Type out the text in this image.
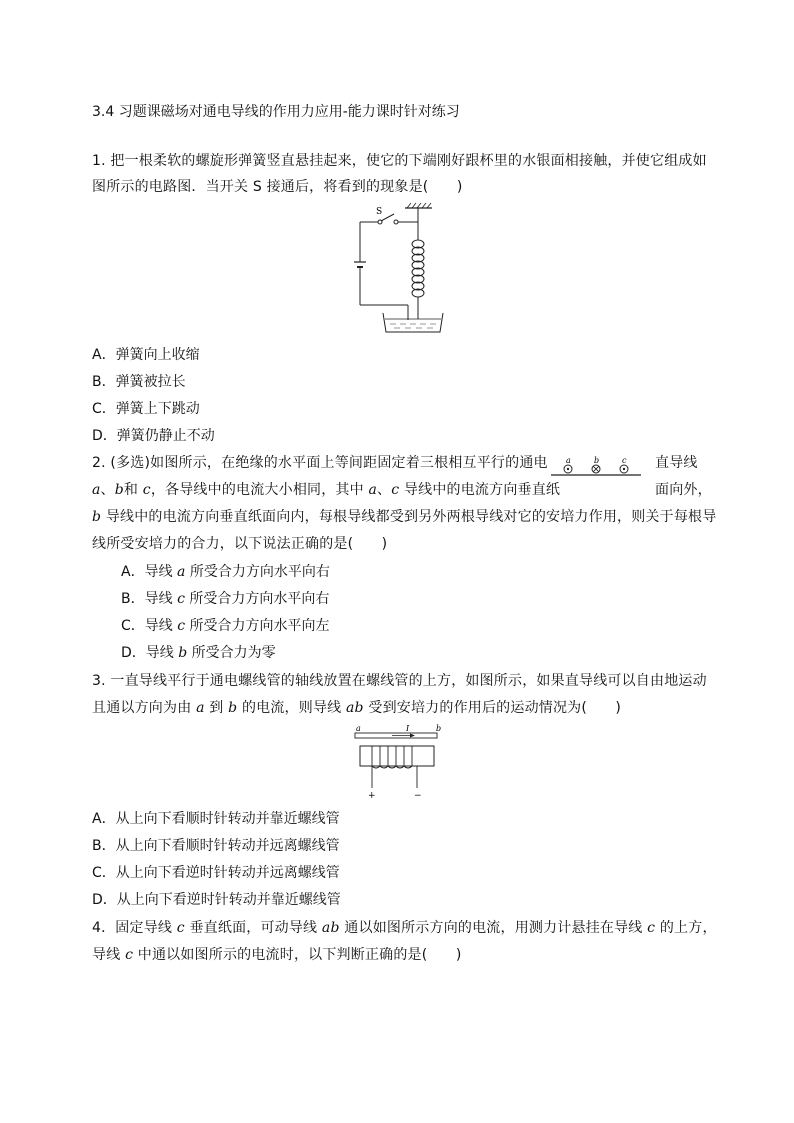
3.4 习题课磁场对通电导线的作用力应用-能力课时针对练习
1. 把一根柔软的螺旋形弹簧竖直悬挂起来，使它的下端刚好跟杯里的水银面相接触，并使它组成如
图所示的电路图．当开关 S 接通后，将看到的现象是(　　)
S
A．弹簧向上收缩
B．弹簧被拉长
C．弹簧上下跳动
D．弹簧仍静止不动
2. (多选)如图所示，在绝缘的水平面上等间距固定着三根相互平行的通电	直导线
a	b	c
a、b和 c，各导线中的电流大小相同，其中 a、c 导线中的电流方向垂直纸	面向外，
b 导线中的电流方向垂直纸面向内，每根导线都受到另外两根导线对它的安培力作用，则关于每根导
线所受安培力的合力，以下说法正确的是(　　)
A．导线 a 所受合力方向水平向右
B．导线 c 所受合力方向水平向右
C．导线 c 所受合力方向水平向左
D．导线 b 所受合力为零
3. 一直导线平行于通电螺线管的轴线放置在螺线管的上方，如图所示，如果直导线可以自由地运动
且通以方向为由 a 到 b 的电流，则导线 ab 受到安培力的作用后的运动情况为(　　)
a	I	b
+	−
A．从上向下看顺时针转动并靠近螺线管
B．从上向下看顺时针转动并远离螺线管
C．从上向下看逆时针转动并远离螺线管
D．从上向下看逆时针转动并靠近螺线管
4．固定导线 c 垂直纸面，可动导线 ab 通以如图所示方向的电流，用测力计悬挂在导线 c 的上方，
导线 c 中通以如图所示的电流时，以下判断正确的是(　　)
